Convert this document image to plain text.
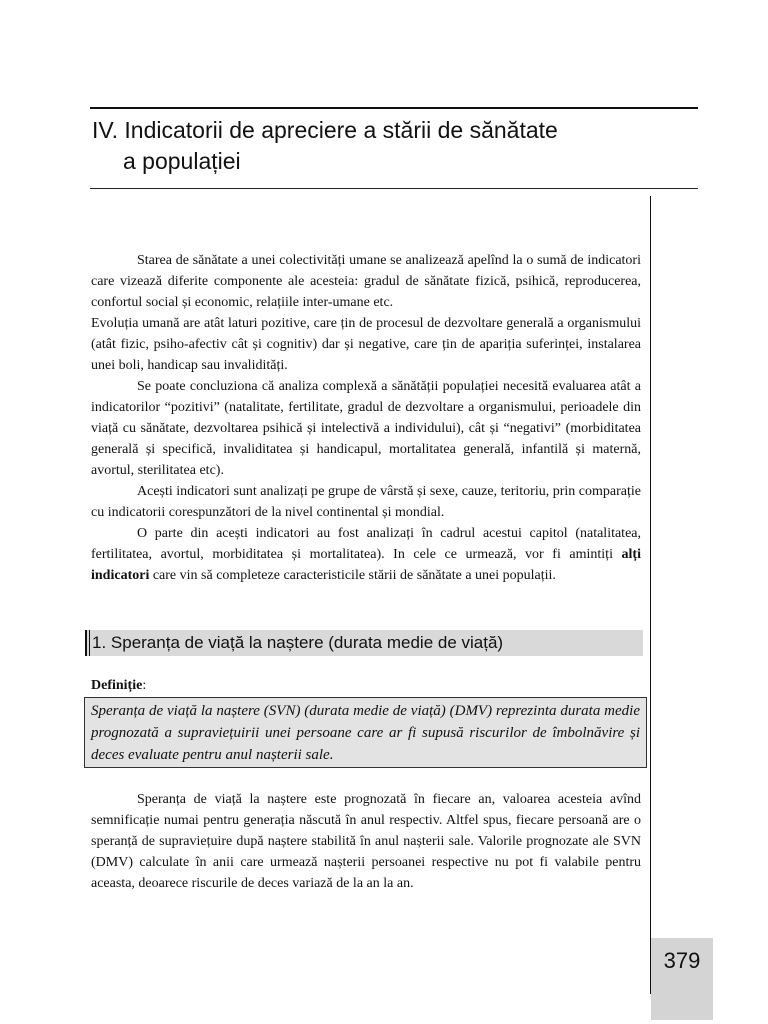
IV. Indicatorii de apreciere a stării de sănătate
a populației

Starea de sănătate a unei colectivități umane se analizează apelînd la o sumă de indicatori care vizează diferite componente ale acesteia: gradul de sănătate fizică, psihică, reproducerea, confortul social și economic, relațiile inter-umane etc.

Evoluția umană are atât laturi pozitive, care țin de procesul de dezvoltare generală a organismului (atât fizic, psiho-afectiv cât și cognitiv) dar și negative, care țin de apariția suferinței, instalarea unei boli, handicap sau invalidități.

Se poate concluziona că analiza complexă a sănătății populației necesită evaluarea atât a indicatorilor “pozitivi” (natalitate, fertilitate, gradul de dezvoltare a organismului, perioadele din viață cu sănătate, dezvoltarea psihică și intelectivă a individului), cât și “negativi” (morbiditatea generală și specifică, invaliditatea și handicapul, mortalitatea generală, infantilă și maternă, avortul, sterilitatea etc).

Acești indicatori sunt analizați pe grupe de vârstă și sexe, cauze, teritoriu, prin comparație cu indicatorii corespunzători de la nivel continental și mondial.

O parte din acești indicatori au fost analizați în cadrul acestui capitol (natalitatea, fertilitatea, avortul, morbiditatea și mortalitatea). In cele ce urmează, vor fi amintiți alți indicatori care vin să completeze caracteristicile stării de sănătate a unei populații.

1. Speranța de viață la naștere (durata medie de viață)

Definiție:

Speranța de viață la naștere (SVN) (durata medie de viață) (DMV) reprezinta durata medie prognozată a supraviețuirii unei persoane care ar fi supusă riscurilor de îmbolnăvire și deces evaluate pentru anul nașterii sale.

Speranța de viață la naștere este prognozată în fiecare an, valoarea acesteia avînd semnificație numai pentru generația născută în anul respectiv. Altfel spus, fiecare persoană are o speranță de supraviețuire după naștere stabilită în anul nașterii sale. Valorile prognozate ale SVN (DMV) calculate în anii care urmează nașterii persoanei respective nu pot fi valabile pentru aceasta, deoarece riscurile de deces variază de la an la an.

379
